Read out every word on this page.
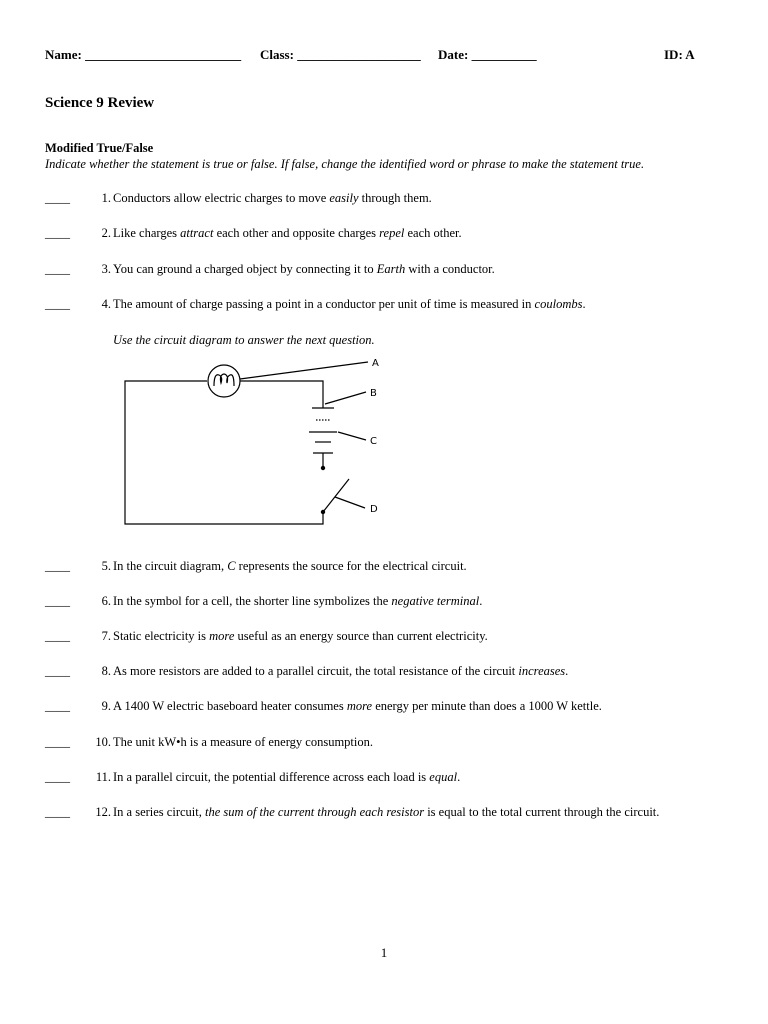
Name: ________________________ Class: ___________________ Date: __________	ID: A
Science 9 Review
Modified True/False
Indicate whether the statement is true or false. If false, change the identified word or phrase to make the statement true.
____	1. Conductors allow electric charges to move easily through them.
____	2. Like charges attract each other and opposite charges repel each other.
____	3. You can ground a charged object by connecting it to Earth with a conductor.
____	4. The amount of charge passing a point in a conductor per unit of time is measured in coulombs.
Use the circuit diagram to answer the next question.
A
B
C
D
____	5. In the circuit diagram, C represents the source for the electrical circuit.
____	6. In the symbol for a cell, the shorter line symbolizes the negative terminal.
____	7. Static electricity is more useful as an energy source than current electricity.
____	8. As more resistors are added to a parallel circuit, the total resistance of the circuit increases.
____	9. A 1400 W electric baseboard heater consumes more energy per minute than does a 1000 W kettle.
____	10. The unit kW•h is a measure of energy consumption.
____	11. In a parallel circuit, the potential difference across each load is equal.
____	12. In a series circuit, the sum of the current through each resistor is equal to the total current through the circuit.
1
